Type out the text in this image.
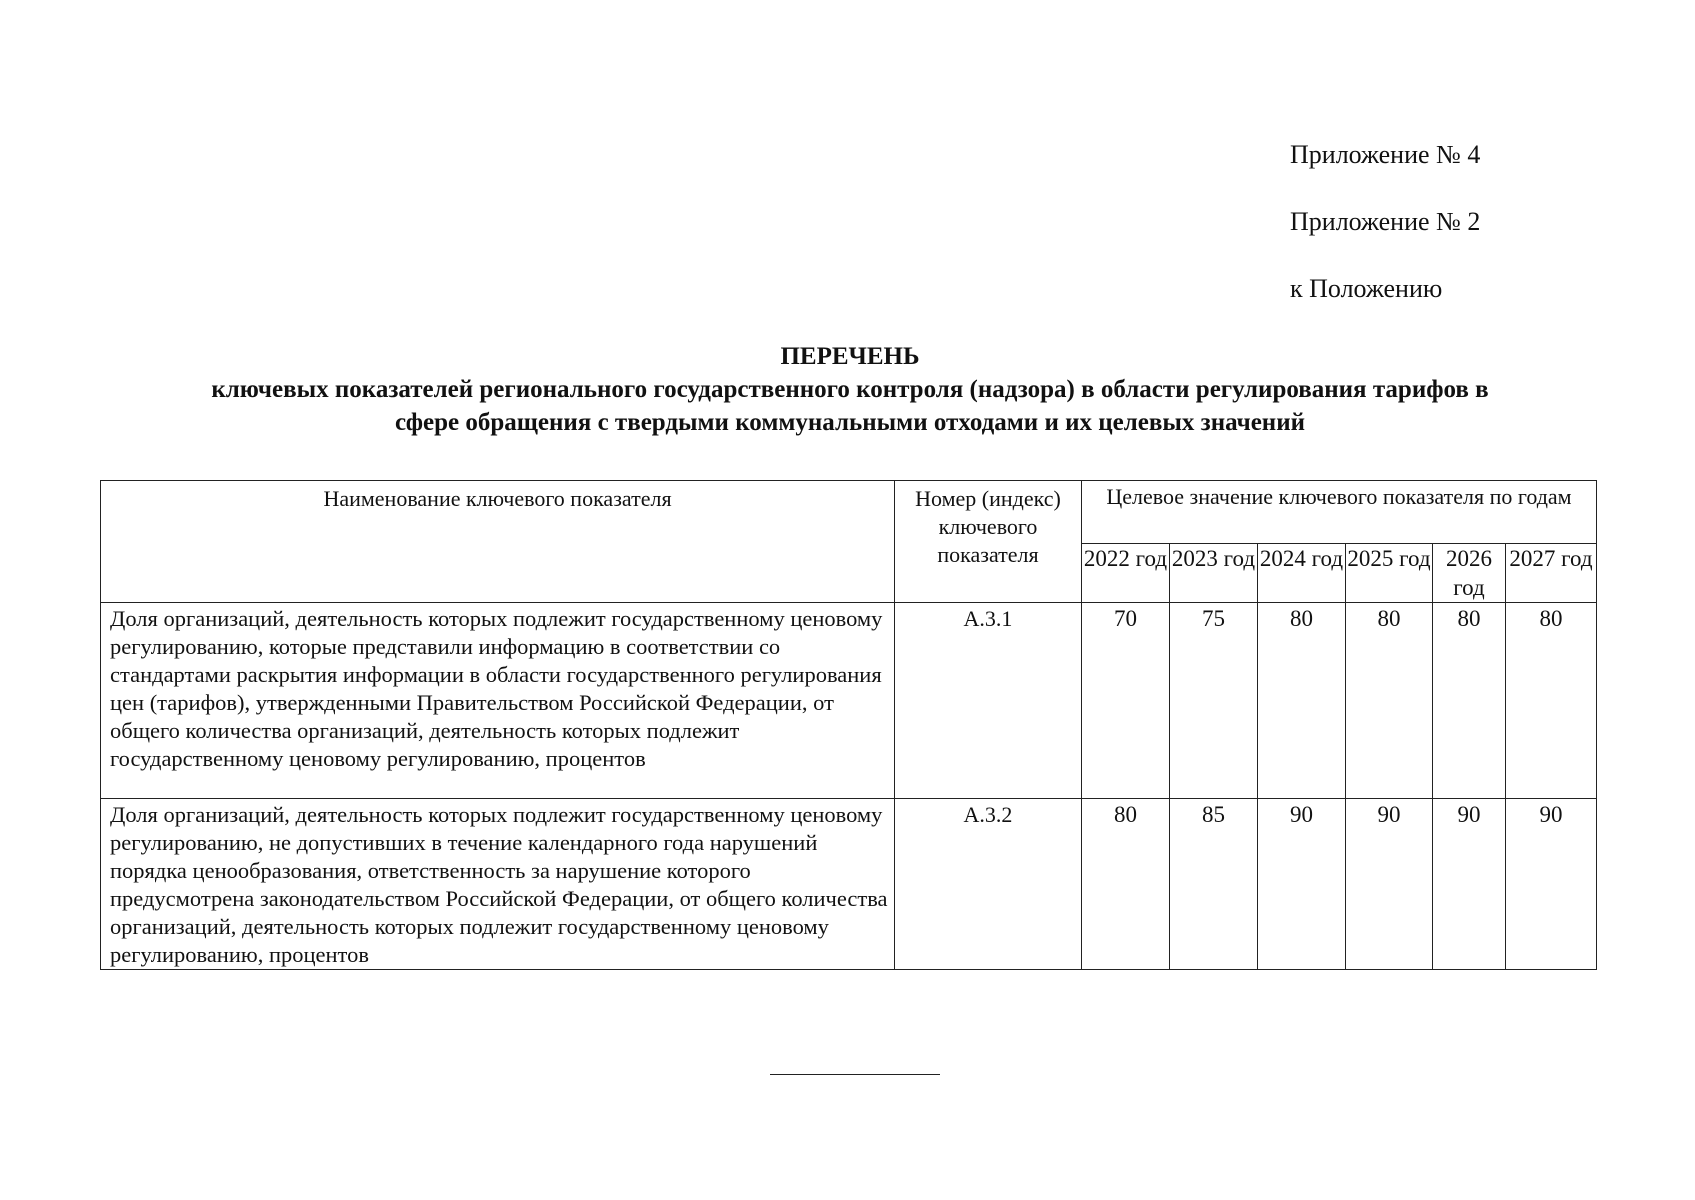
Приложение № 4
Приложение № 2
к Положению
ПЕРЕЧЕНЬ
ключевых показателей регионального государственного контроля (надзора) в области регулирования тарифов в
сфере обращения с твердыми коммунальными отходами и их целевых значений
Наименование ключевого показателя	Номер (индекс) ключевого показателя	Целевое значение ключевого показателя по годам					
		2022 год	2023 год	2024 год	2025 год	2026 год	2027 год
Доля организаций, деятельность которых подлежит государственному ценовому регулированию, которые представили информацию в соответствии со стандартами раскрытия информации в области государственного регулирования цен (тарифов), утвержденными Правительством Российской Федерации, от общего количества организаций, деятельность которых подлежит государственному ценовому регулированию, процентов	А.3.1	70	75	80	80	80	80
Доля организаций, деятельность которых подлежит государственному ценовому регулированию, не допустивших в течение календарного года нарушений порядка ценообразования, ответственность за нарушение которого предусмотрена законодательством Российской Федерации, от общего количества организаций, деятельность которых подлежит государственному ценовому регулированию, процентов	А.3.2	80	85	90	90	90	90
